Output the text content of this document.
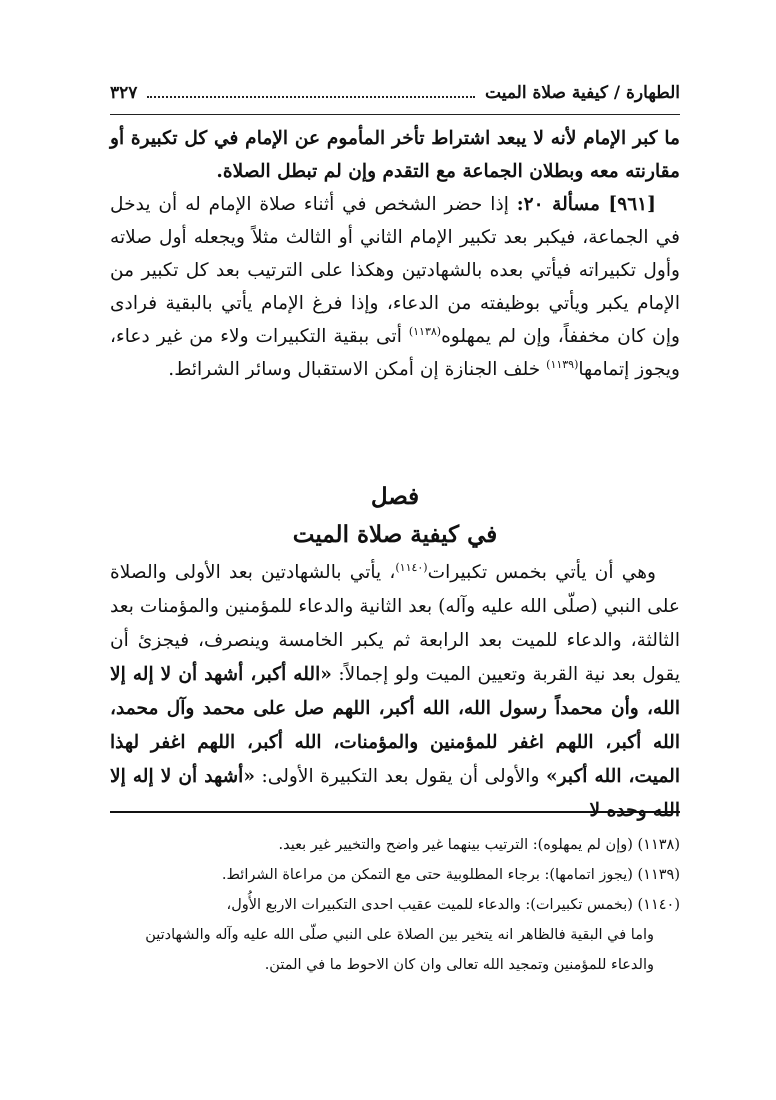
الطهارة / كيفية صلاة الميت
٣٢٧

ما كبر الإمام لأنه لا يبعد اشتراط تأخر المأموم عن الإمام في كل تكبيرة أو مقارنته معه وبطلان الجماعة مع التقدم وإن لم تبطل الصلاة.

[٩٦١] مسألة ٢٠: إذا حضر الشخص في أثناء صلاة الإمام له أن يدخل في الجماعة، فيكبر بعد تكبير الإمام الثاني أو الثالث مثلاً ويجعله أول صلاته وأول تكبيراته فيأتي بعده بالشهادتين وهكذا على الترتيب بعد كل تكبير من الإمام يكبر ويأتي بوظيفته من الدعاء، وإذا فرغ الإمام يأتي بالبقية فرادى وإن كان مخففاً، وإن لم يمهلوه$^{(١١٣٨)}$ أتى ببقية التكبيرات ولاء من غير دعاء، ويجوز إتمامها$^{(١١٣٩)}$ خلف الجنازة إن أمكن الاستقبال وسائر الشرائط.

فصل
في كيفية صلاة الميت

وهي أن يأتي بخمس تكبيرات$^{(١١٤٠)}$، يأتي بالشهادتين بعد الأولى والصلاة على النبي (صلّى الله عليه وآله) بعد الثانية والدعاء للمؤمنين والمؤمنات بعد الثالثة، والدعاء للميت بعد الرابعة ثم يكبر الخامسة وينصرف، فيجزئ أن يقول بعد نية القربة وتعيين الميت ولو إجمالاً: «الله أكبر، أشهد أن لا إله إلا الله، وأن محمداً رسول الله، الله أكبر، اللهم صل على محمد وآل محمد، الله أكبر، اللهم اغفر للمؤمنين والمؤمنات، الله أكبر، اللهم اغفر لهذا الميت، الله أكبر» والأولى أن يقول بعد التكبيرة الأولى: «أشهد أن لا إله إلا الله وحده لا

(١١٣٨) (وإن لم يمهلوه): الترتيب بينهما غير واضح والتخيير غير بعيد.

(١١٣٩) (يجوز اتمامها): برجاء المطلوبية حتى مع التمكن من مراعاة الشرائط.

(١١٤٠) (بخمس تكبيرات): والدعاء للميت عقيب احدى التكبيرات الاربع الأُول،

واما في البقية فالظاهر انه يتخير بين الصلاة على النبي صلّى الله عليه وآله والشهادتين والدعاء للمؤمنين وتمجيد الله تعالى وان كان الاحوط ما في المتن.
